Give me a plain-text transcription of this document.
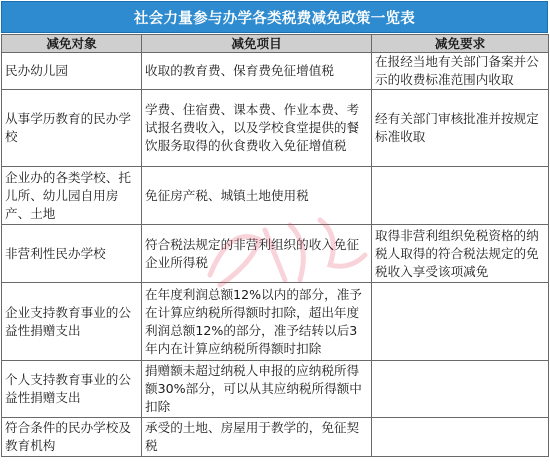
社会力量参与办学各类税费减免政策一览表
减免对象	减免项目	减免要求
民办幼儿园	收取的教育费、保育费免征增值税	在报经当地有关部门备案并公示的收费标准范围内收取
从事学历教育的民办学校	学费、住宿费、课本费、作业本费、考试报名费收入，以及学校食堂提供的餐饮服务取得的伙食费收入免征增值税	经有关部门审核批准并按规定标准收取
企业办的各类学校、托儿所、幼儿园自用房产、土地	免征房产税、城镇土地使用税	
非营利性民办学校	符合税法规定的非营利组织的收入免征企业所得税	取得非营利组织免税资格的纳税人取得的符合税法规定的免税收入享受该项减免
企业支持教育事业的公益性捐赠支出	在年度利润总额12%以内的部分，准予在计算应纳税所得额时扣除，超出年度利润总额12%的部分，准予结转以后3年内在计算应纳税所得额时扣除	
个人支持教育事业的公益性捐赠支出	捐赠额未超过纳税人申报的应纳税所得额30%部分，可以从其应纳税所得额中扣除	
符合条件的民办学校及教育机构	承受的土地、房屋用于教学的，免征契税	
